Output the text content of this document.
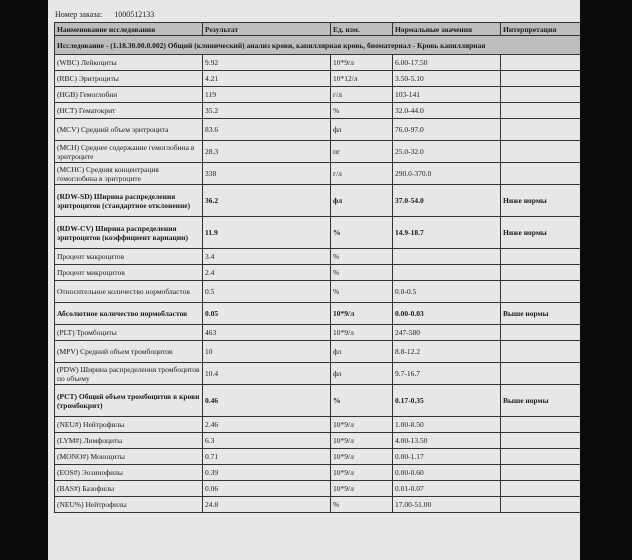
Номер заказа: 1000512133
Наименование исследования	Результат	Ед. изм.	Нормальные значения	Интерпретация
Исследование - (1.18.30.00.0.002) Общий (клинический) анализ крови, капиллярная кровь, биоматериал - Кровь капиллярная				
(WBC) Лейкоциты	9.92	10*9/л	6.00-17.50	
(RBC) Эритроциты	4.21	10*12/л	3.50-5.10	
(HGB) Гемоглобин	119	г/л	103-141	
(HCT) Гематокрит	35.2	%	32.0-44.0	
(MCV) Средний объем эритроцита	83.6	фл	76.0-97.0	
(MCH) Среднее содержание гемоглобина в эритроците	28.3	пг	25.0-32.0	
(MCHC) Средняя концентрация гемоглобина в эритроците	338	г/л	290.0-370.0	
(RDW-SD) Ширина распределения эритроцитов (стандартное отклонение)	36.2	фл	37.0-54.0	Ниже нормы
(RDW-CV) Ширина распределения эритроцитов (коэффициент вариации)	11.9	%	14.9-18.7	Ниже нормы
Процент макроцитов	3.4	%		
Процент микроцитов	2.4	%		
Относительное количество нормобластов	0.5	%	0.0-0.5	
Абсолютное количество нормобластов	0.05	10*9/л	0.00-0.03	Выше нормы
(PLT) Тромбоциты	463	10*9/л	247-580	
(MPV) Средний объем тромбоцитов	10	фл	8.8-12.2	
(PDW) Ширина распределения тромбоцитов по объему	10.4	фл	9.7-16.7	
(PCT) Общий объем тромбоцитов в крови (тромбокрит)	0.46	%	0.17-0.35	Выше нормы
(NEU#) Нейтрофилы	2.46	10*9/л	1.00-8.50	
(LYM#) Лимфоциты	6.3	10*9/л	4.00-13.50	
(MONO#) Моноциты	0.71	10*9/л	0.00-1.17	
(EOS#) Эозинофилы	0.39	10*9/л	0.00-0.60	
(BAS#) Базофилы	0.06	10*9/л	0.01-0.07	
(NEU%) Нейтрофилы	24.8	%	17.00-51.00	
